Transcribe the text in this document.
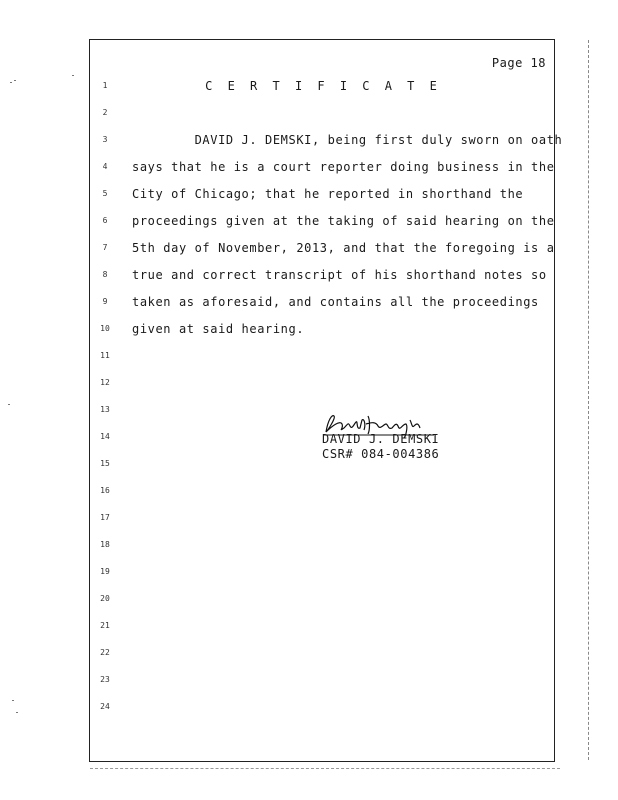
Page 18
C E R T I F I C A T E
1
2
3	DAVID J. DEMSKI, being first duly sworn on oath
4	says that he is a court reporter doing business in the
5	City of Chicago; that he reported in shorthand the
6	proceedings given at the taking of said hearing on the
7	5th day of November, 2013, and that the foregoing is a
8	true and correct transcript of his shorthand notes so
9	taken as aforesaid, and contains all the proceedings
10 given at said hearing.
11
12
13
14
15
16
17
18
19
20
21
22
23
24
DAVID J. DEMSKI
CSR# 084-004386
